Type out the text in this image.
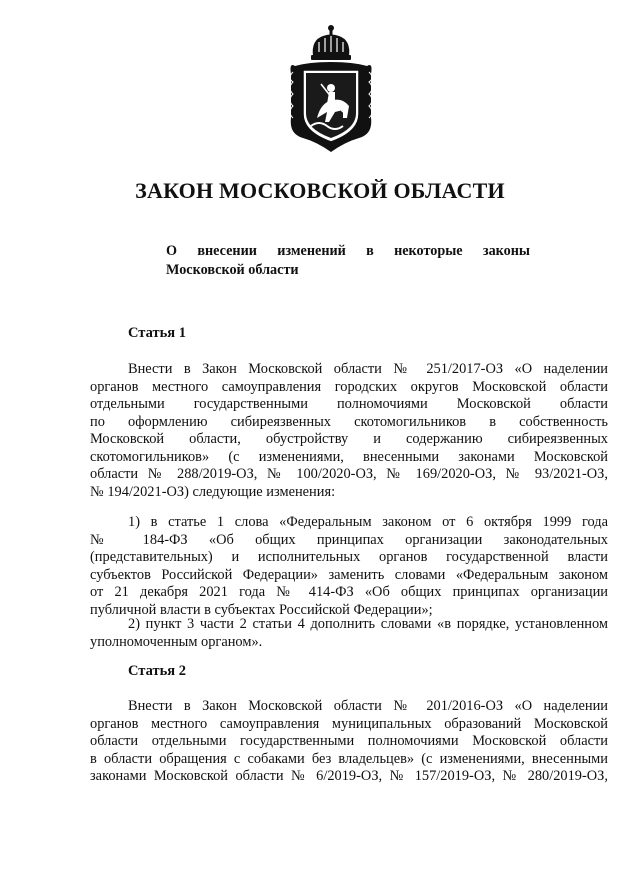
ЗАКОН МОСКОВСКОЙ ОБЛАСТИ
О внесении изменений в некоторые законы
Московской области
Статья 1
Внести в Закон Московской области № 251/2017-ОЗ «О наделении
органов местного самоуправления городских округов Московской области
отдельными государственными полномочиями Московской области
по оформлению сибиреязвенных скотомогильников в собственность
Московской области, обустройству и содержанию сибиреязвенных
скотомогильников» (с изменениями, внесенными законами Московской
области № 288/2019-ОЗ, № 100/2020-ОЗ, № 169/2020-ОЗ, № 93/2021-ОЗ,
№ 194/2021-ОЗ) следующие изменения:
1) в статье 1 слова «Федеральным законом от 6 октября 1999 года
№ 184-ФЗ «Об общих принципах организации законодательных
(представительных) и исполнительных органов государственной власти
субъектов Российской Федерации» заменить словами «Федеральным законом
от 21 декабря 2021 года № 414-ФЗ «Об общих принципах организации
публичной власти в субъектах Российской Федерации»;
2) пункт 3 части 2 статьи 4 дополнить словами «в порядке, установленном
уполномоченным органом».
Статья 2
Внести в Закон Московской области № 201/2016-ОЗ «О наделении
органов местного самоуправления муниципальных образований Московской
области отдельными государственными полномочиями Московской области
в области обращения с собаками без владельцев» (с изменениями, внесенными
законами Московской области № 6/2019-ОЗ, № 157/2019-ОЗ, № 280/2019-ОЗ,
